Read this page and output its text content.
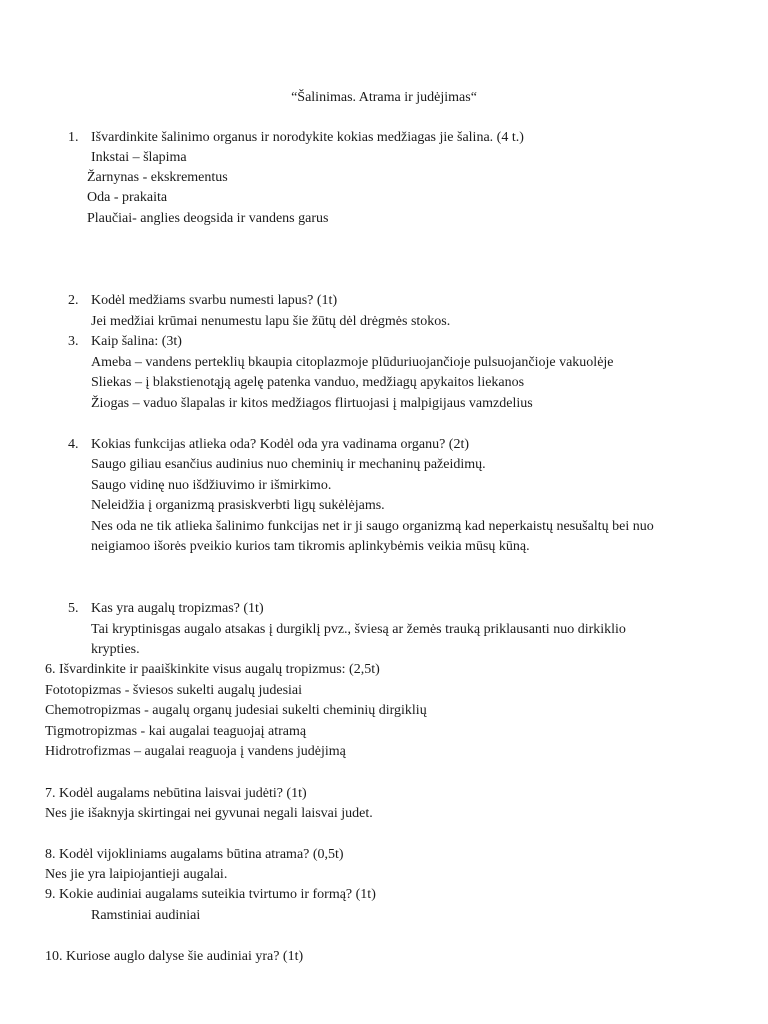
“Šalinimas. Atrama ir judėjimas“
1. Išvardinkite šalinimo organus ir norodykite kokias medžiagas jie šalina. (4 t.)
Inkstai – šlapima
Žarnynas - ekskrementus
Oda - prakaita
Plaučiai- anglies deogsida ir vandens garus
2. Kodėl medžiams svarbu numesti lapus? (1t)
Jei medžiai krūmai nenumestu lapu šie žūtų dėl drėgmės stokos.
3. Kaip šalina: (3t)
Ameba – vandens perteklių bkaupia citoplazmoje plūduriuojančioje pulsuojančioje vakuolėje
Sliekas – į blakstienotąją agelę patenka vanduo, medžiagų apykaitos liekanos
Žiogas – vaduo šlapalas ir kitos medžiagos flirtuojasi į malpigijaus vamzdelius
4. Kokias funkcijas atlieka oda? Kodėl oda yra vadinama organu? (2t)
Saugo giliau esančius audinius nuo cheminių ir mechaninų pažeidimų.
Saugo vidinę nuo išdžiuvimo ir išmirkimo.
Neleidžia į organizmą prasiskverbti ligų sukėlėjams.
Nes oda ne tik atlieka šalinimo funkcijas net ir ji saugo organizmą kad neperkaistų nesušaltų bei nuo
neigiamoo išorės pveikio kurios tam tikromis aplinkybėmis veikia mūsų kūną.
5. Kas yra augalų tropizmas? (1t)
Tai kryptinisgas augalo atsakas į durgiklį pvz., šviesą ar žemės trauką priklausanti nuo dirkiklio
krypties.
6. Išvardinkite ir paaiškinkite visus augalų tropizmus: (2,5t)
Fototopizmas - šviesos sukelti augalų judesiai
Chemotropizmas - augalų organų judesiai sukelti cheminių dirgiklių
Tigmotropizmas - kai augalai teaguojaį atramą
Hidrotrofizmas – augalai reaguoja į vandens judėjimą
7. Kodėl augalams nebūtina laisvai judėti? (1t)
Nes jie išaknyja skirtingai nei gyvunai negali laisvai judet.
8. Kodėl vijokliniams augalams būtina atrama? (0,5t)
Nes jie yra laipiojantieji augalai.
9. Kokie audiniai augalams suteikia tvirtumo ir formą? (1t)
Ramstiniai audiniai
10. Kuriose auglo dalyse šie audiniai yra? (1t)
